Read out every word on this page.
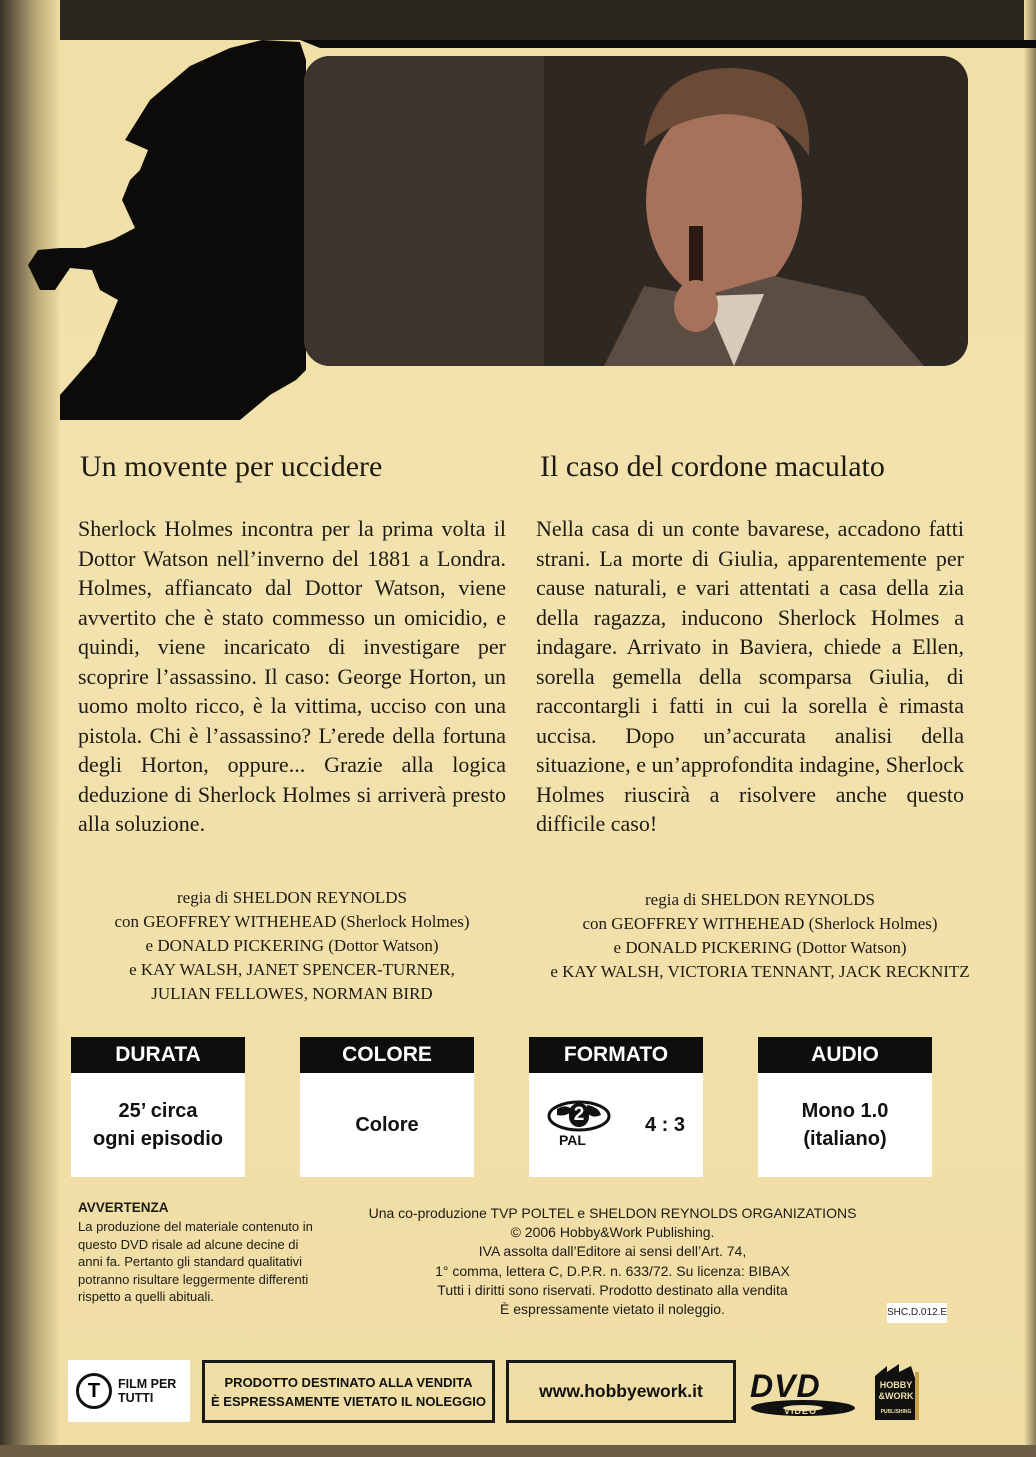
Un movente per uccidere	Il caso del cordone maculato

Sherlock Holmes incontra per la prima volta il Dottor Watson nell’inverno del 1881 a Londra. Holmes, affiancato dal Dottor Watson, viene avvertito che è stato commesso un omicidio, e quindi, viene incaricato di investigare per scoprire l’assassino. Il caso: George Horton, un uomo molto ricco, è la vittima, ucciso con una pistola. Chi è l’assassino? L’erede della fortuna degli Horton, oppure... Grazie alla logica deduzione di Sherlock Holmes si arriverà presto alla soluzione.

Nella casa di un conte bavarese, accadono fatti strani. La morte di Giulia, apparentemente per cause naturali, e vari attentati a casa della zia della ragazza, inducono Sherlock Holmes a indagare. Arrivato in Baviera, chiede a Ellen, sorella gemella della scomparsa Giulia, di raccontargli i fatti in cui la sorella è rimasta uccisa. Dopo un’accurata analisi della situazione, e un’approfondita indagine, Sherlock Holmes riuscirà a risolvere anche questo difficile caso!

regia di SHELDON REYNOLDS
con GEOFFREY WITHEHEAD (Sherlock Holmes)
e DONALD PICKERING (Dottor Watson)
e KAY WALSH, JANET SPENCER-TURNER,
JULIAN FELLOWES, NORMAN BIRD
regia di SHELDON REYNOLDS
con GEOFFREY WITHEHEAD (Sherlock Holmes)
e DONALD PICKERING (Dottor Watson)
e KAY WALSH, VICTORIA TENNANT, JACK RECKNITZ
DURATA
25’ circa
ogni episodio
COLORE
Colore
FORMATO
2
PAL
4 : 3
AUDIO
Mono 1.0
(italiano)
AVVERTENZA
La produzione del materiale contenuto in questo DVD risale ad alcune decine di anni fa. Pertanto gli standard qualitativi potranno risultare leggermente differenti rispetto a quelli abituali.
Una co-produzione TVP POLTEL e SHELDON REYNOLDS ORGANIZATIONS
© 2006 Hobby&Work Publishing.
IVA assolta dall’Editore ai sensi dell’Art. 74,
1° comma, lettera C, D.P.R. n. 633/72. Su licenza: BIBAX
Tutti i diritti sono riservati. Prodotto destinato alla vendita
È espressamente vietato il noleggio.	SHC.D.012.E
T FILM PER
TUTTI
PRODOTTO DESTINATO ALLA VENDITA
È ESPRESSAMENTE VIETATO IL NOLEGGIO	www.hobbyework.it	DVD
VIDEO
HOBBY
&WORK
PUBLISHING
